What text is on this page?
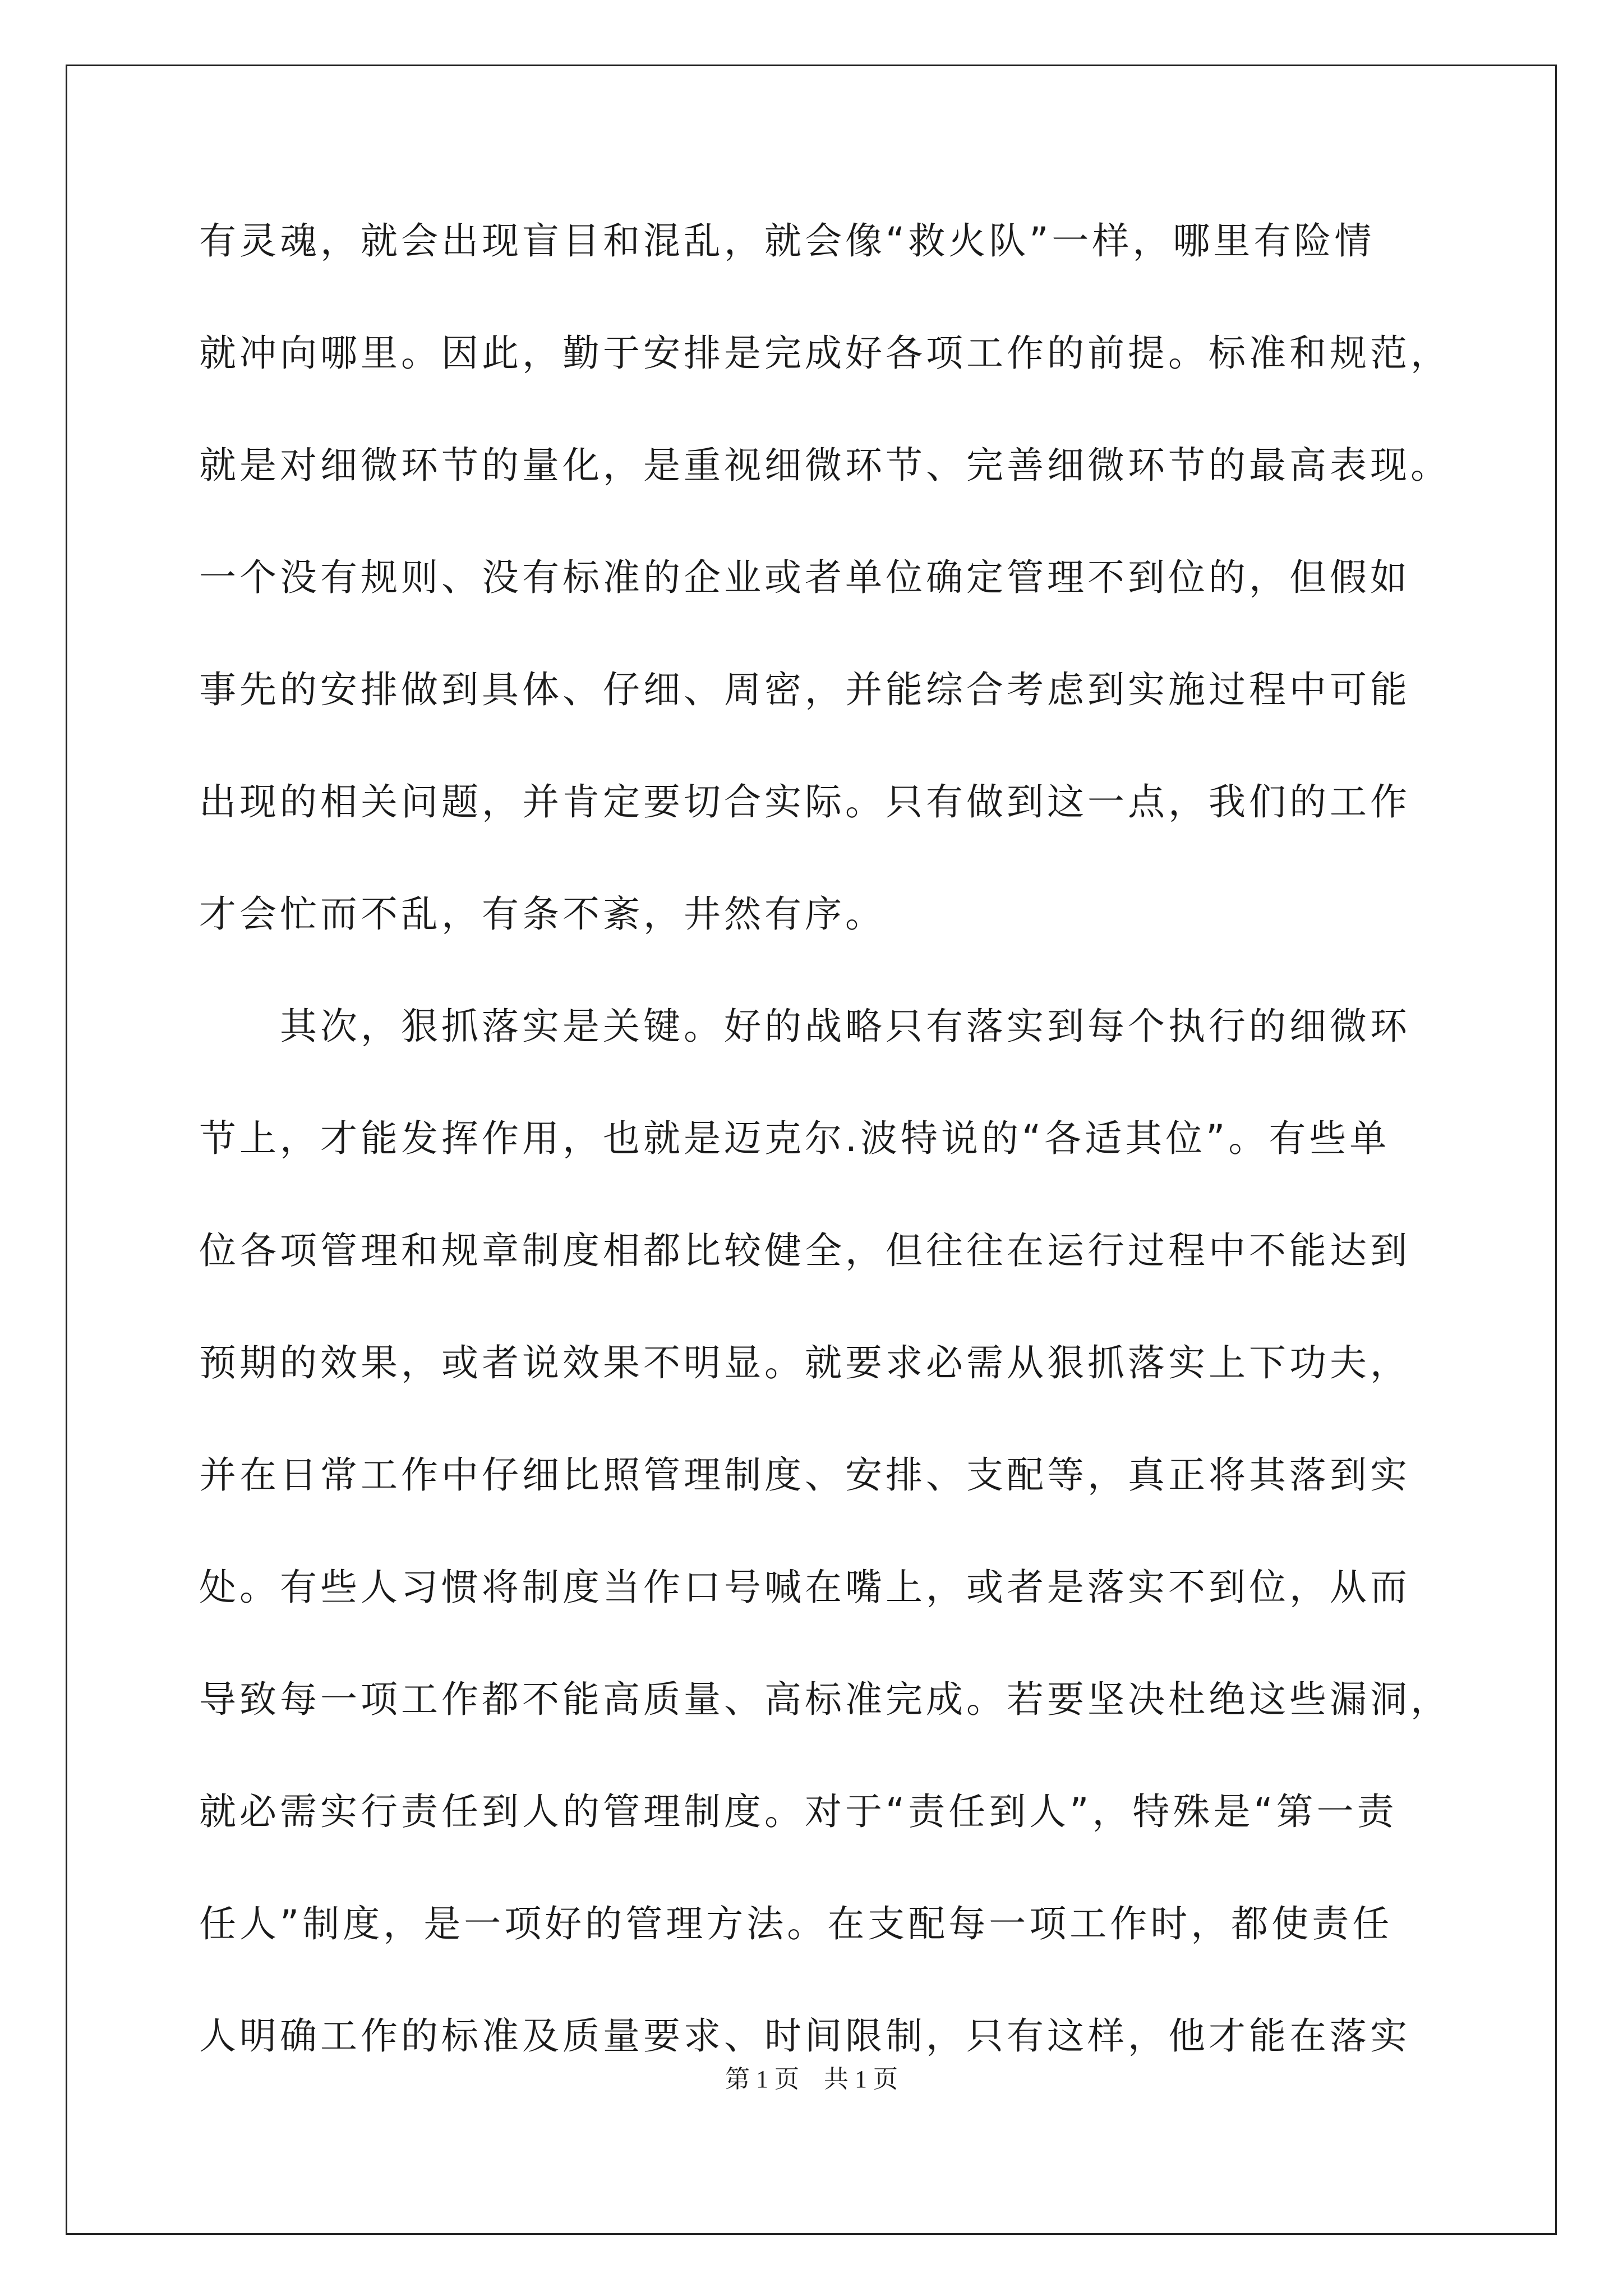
有灵魂，就会出现盲目和混乱，就会像“救火队”一样，哪里有险情
就冲向哪里。因此，勤于安排是完成好各项工作的前提。标准和规范，
就是对细微环节的量化，是重视细微环节、完善细微环节的最高表现。
一个没有规则、没有标准的企业或者单位确定管理不到位的，但假如
事先的安排做到具体、仔细、周密，并能综合考虑到实施过程中可能
出现的相关问题，并肯定要切合实际。只有做到这一点，我们的工作
才会忙而不乱，有条不紊，井然有序。
　　其次，狠抓落实是关键。好的战略只有落实到每个执行的细微环
节上，才能发挥作用，也就是迈克尔.波特说的“各适其位”。有些单
位各项管理和规章制度相都比较健全，但往往在运行过程中不能达到
预期的效果，或者说效果不明显。就要求必需从狠抓落实上下功夫，
并在日常工作中仔细比照管理制度、安排、支配等，真正将其落到实
处。有些人习惯将制度当作口号喊在嘴上，或者是落实不到位，从而
导致每一项工作都不能高质量、高标准完成。若要坚决杜绝这些漏洞，
就必需实行责任到人的管理制度。对于“责任到人”，特殊是“第一责
任人”制度，是一项好的管理方法。在支配每一项工作时，都使责任
人明确工作的标准及质量要求、时间限制，只有这样，他才能在落实
第 1 页　共 1 页
